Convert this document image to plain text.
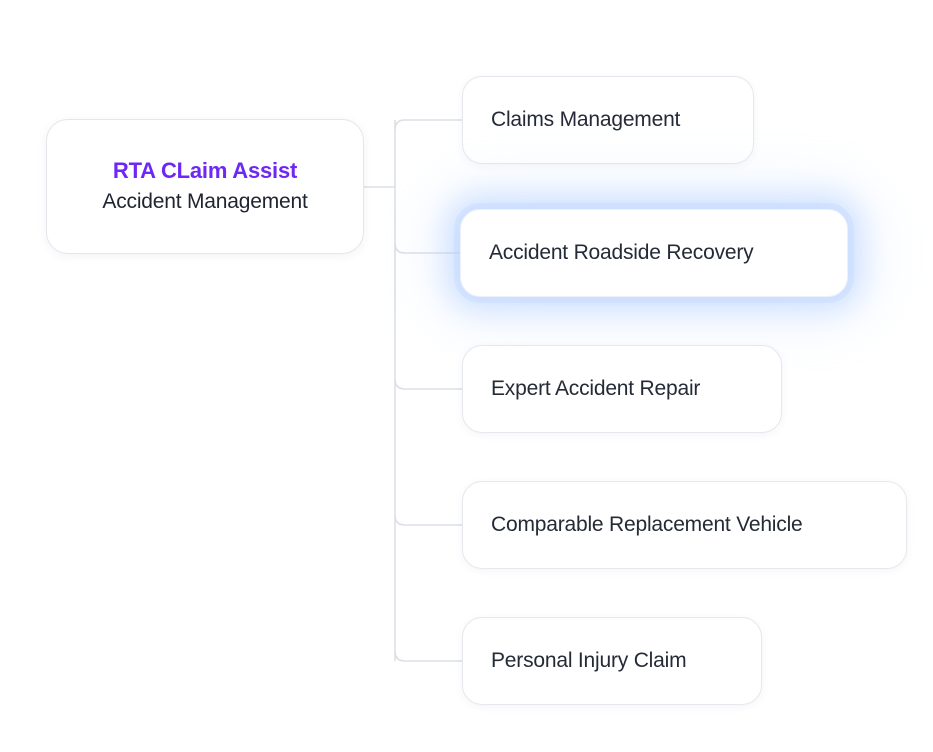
RTA CLaim Assist
Accident Management
Claims Management
Accident Roadside Recovery
Expert Accident Repair
Comparable Replacement Vehicle
Personal Injury Claim
